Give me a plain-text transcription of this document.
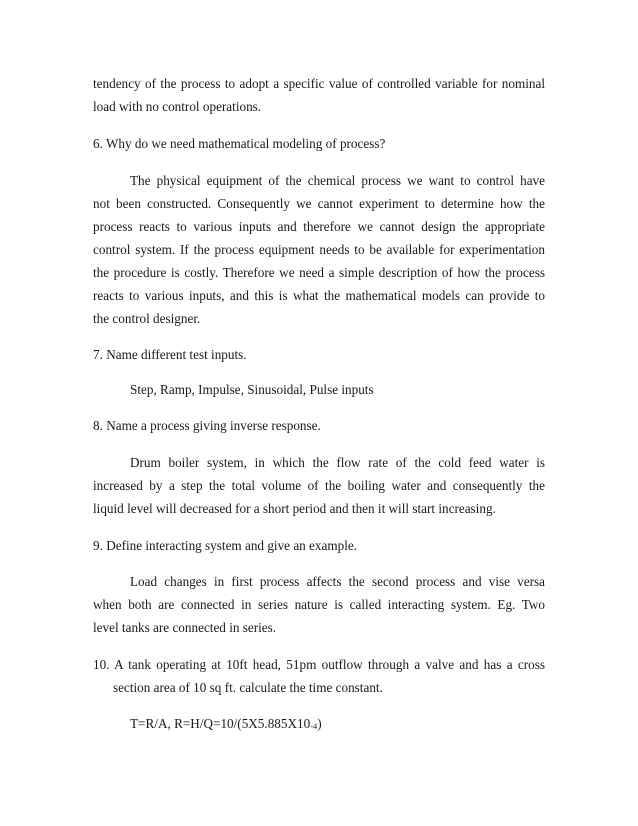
tendency of the process to adopt a specific value of controlled variable for nominal
load with no control operations.
6. Why do we need mathematical modeling of process?
The physical equipment of the chemical process we want to control have
not been constructed. Consequently we cannot experiment to determine how the
process reacts to various inputs and therefore we cannot design the appropriate
control system. If the process equipment needs to be available for experimentation
the procedure is costly. Therefore we need a simple description of how the process
reacts to various inputs, and this is what the mathematical models can provide to
the control designer.
7. Name different test inputs.
Step, Ramp, Impulse, Sinusoidal, Pulse inputs
8. Name a process giving inverse response.
Drum boiler system, in which the flow rate of the cold feed water is
increased by a step the total volume of the boiling water and consequently the
liquid level will decreased for a short period and then it will start increasing.
9. Define interacting system and give an example.
Load changes in first process affects the second process and vise versa
when both are connected in series nature is called interacting system. Eg. Two
level tanks are connected in series.
10. A tank operating at 10ft head, 51pm outflow through a valve and has a cross
section area of 10 sq ft. calculate the time constant.
T=R/A, $R=H/Q=10/(5X5.885X10_{-4})$
